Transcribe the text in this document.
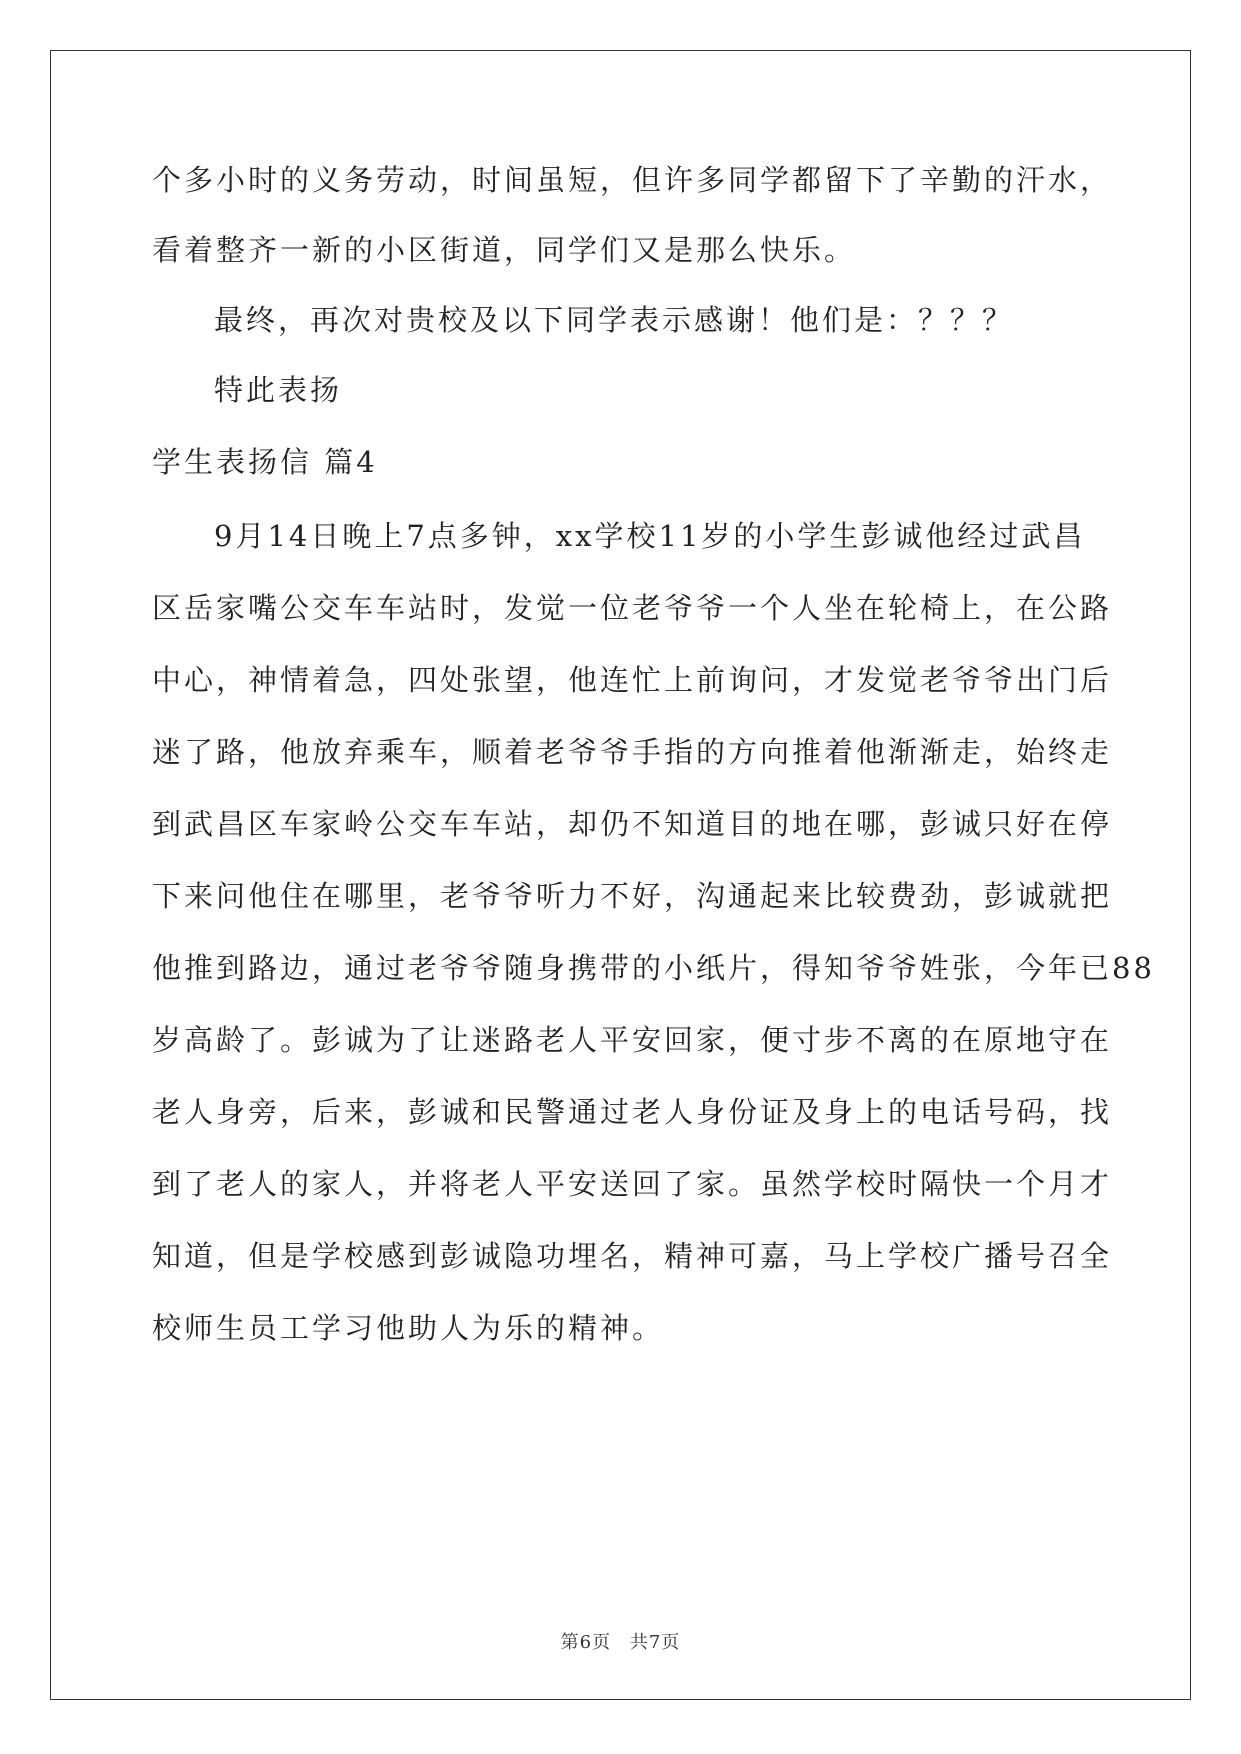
个多小时的义务劳动，时间虽短，但许多同学都留下了辛勤的汗水，
看着整齐一新的小区街道，同学们又是那么快乐。
最终，再次对贵校及以下同学表示感谢！他们是：？？？
特此表扬
学生表扬信 篇4
9月14日晚上7点多钟，xx学校11岁的小学生彭诚他经过武昌
区岳家嘴公交车车站时，发觉一位老爷爷一个人坐在轮椅上，在公路
中心，神情着急，四处张望，他连忙上前询问，才发觉老爷爷出门后
迷了路，他放弃乘车，顺着老爷爷手指的方向推着他渐渐走，始终走
到武昌区车家岭公交车车站，却仍不知道目的地在哪，彭诚只好在停
下来问他住在哪里，老爷爷听力不好，沟通起来比较费劲，彭诚就把
他推到路边，通过老爷爷随身携带的小纸片，得知爷爷姓张，今年已88
岁高龄了。彭诚为了让迷路老人平安回家，便寸步不离的在原地守在
老人身旁，后来，彭诚和民警通过老人身份证及身上的电话号码，找
到了老人的家人，并将老人平安送回了家。虽然学校时隔快一个月才
知道，但是学校感到彭诚隐功埋名，精神可嘉，马上学校广播号召全
校师生员工学习他助人为乐的精神。
第6页 共7页
